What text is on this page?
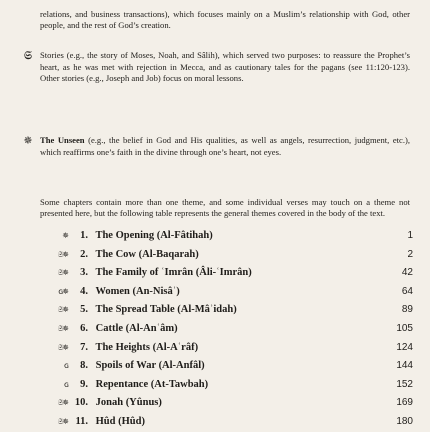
relations, and business transactions), which focuses mainly on a Muslim’s relationship with God, other people, and the rest of God’s creation.

𝔖 Stories (e.g., the story of Moses, Noah, and Sâlih), which served two purposes: to reassure the Prophet’s heart, as he was met with rejection in Mecca, and as cautionary tales for the pagans (see 11:120-123). Other stories (e.g., Joseph and Job) focus on moral lessons.
✵ The Unseen (e.g., the belief in God and His qualities, as well as angels, resurrection, judgment, etc.), which reaffirms one’s faith in the divine through one’s heart, not eyes.

Some chapters contain more than one theme, and some individual verses may touch on a theme not presented here, but the following table represents the general themes covered in the body of the text.

✵ 1. The Opening (Al-Fâtihah)	1
𝔖✵ 2. The Cow (Al-Baqarah)	2
𝔖✵ 3. The Family of ʿImrân (Âli-ʿImrân)	42
ɢ✵ 4. Women (An-Nisâʾ)	64
𝔖✵ 5. The Spread Table (Al-Mâʾidah)	89
𝔖✵ 6. Cattle (Al-Anʿâm)	105
𝔖✵ 7. The Heights (Al-Aʿrâf)	124
ɢ 8. Spoils of War (Al-Anfâl)	144
ɢ 9. Repentance (At-Tawbah)	152
𝔖✵ 10. Jonah (Yûnus)	169
𝔖✵ 11. Hûd (Hûd)	180
